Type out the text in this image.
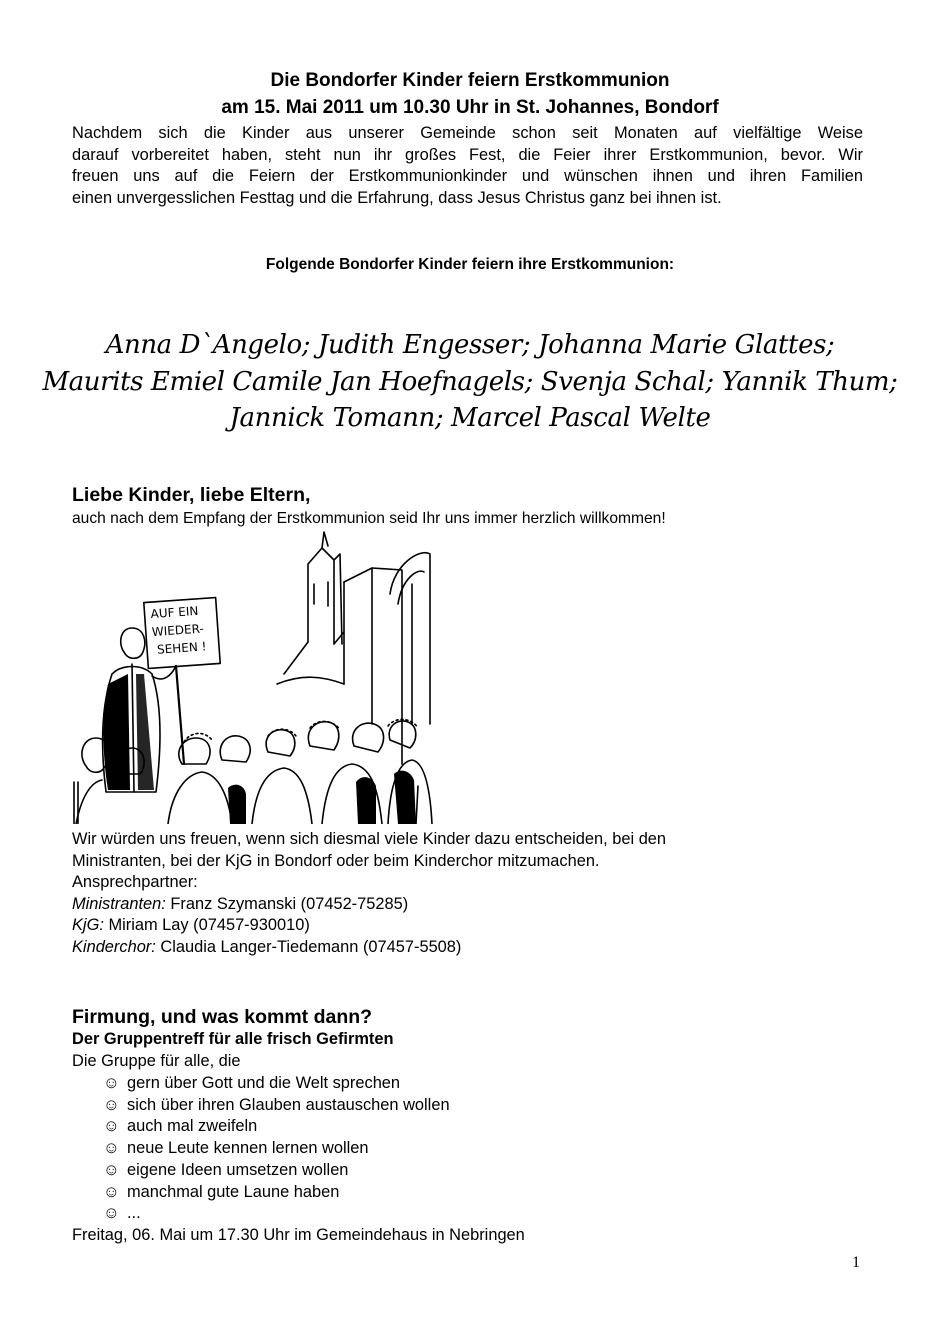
Die Bondorfer Kinder feiern Erstkommunion
am 15. Mai 2011 um 10.30 Uhr in St. Johannes, Bondorf
Nachdem sich die Kinder aus unserer Gemeinde schon seit Monaten auf vielfältige Weise
darauf vorbereitet haben, steht nun ihr großes Fest, die Feier ihrer Erstkommunion, bevor. Wir
freuen uns auf die Feiern der Erstkommunionkinder und wünschen ihnen und ihren Familien
einen unvergesslichen Festtag und die Erfahrung, dass Jesus Christus ganz bei ihnen ist.
Folgende Bondorfer Kinder feiern ihre Erstkommunion:
Anna D`Angelo; Judith Engesser; Johanna Marie Glattes;
Maurits Emiel Camile Jan Hoefnagels; Svenja Schal; Yannik Thum;
Jannick Tomann; Marcel Pascal Welte
Liebe Kinder, liebe Eltern,
auch nach dem Empfang der Erstkommunion seid Ihr uns immer herzlich willkommen!
AUF EIN
WIEDER-
SEHEN !
Wir würden uns freuen, wenn sich diesmal viele Kinder dazu entscheiden, bei den
Ministranten, bei der KjG in Bondorf oder beim Kinderchor mitzumachen.
Ansprechpartner:
Ministranten: Franz Szymanski (07452-75285)
KjG: Miriam Lay (07457-930010)
Kinderchor: Claudia Langer-Tiedemann (07457-5508)
Firmung, und was kommt dann?
Der Gruppentreff für alle frisch Gefirmten
Die Gruppe für alle, die
☺ gern über Gott und die Welt sprechen
☺ sich über ihren Glauben austauschen wollen
☺ auch mal zweifeln
☺ neue Leute kennen lernen wollen
☺ eigene Ideen umsetzen wollen
☺ manchmal gute Laune haben
☺ ...
Freitag, 06. Mai um 17.30 Uhr im Gemeindehaus in Nebringen
1
